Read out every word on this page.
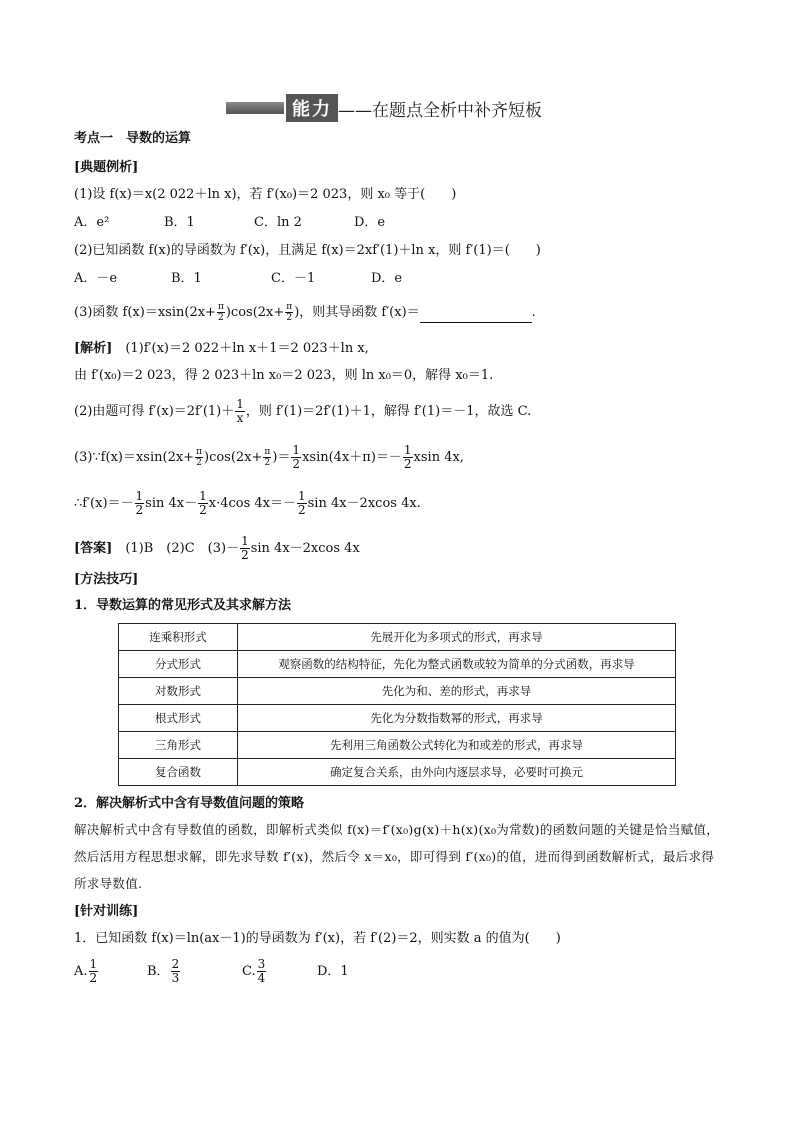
能力 ——在题点全析中补齐短板
考点一　导数的运算
[典题例析]
(1)设 f(x)＝x(2 022＋ln x)，若 f′(x₀)＝2 023，则 x₀ 等于(　　)
A．e²	B．1	C．ln 2	D．e
(2)已知函数 f(x)的导函数为 f′(x)，且满足 f(x)＝2xf′(1)＋ln x，则 f′(1)＝(　　)
A．－e	B．1	C．－1	D．e
(3)函数 $f(x)=xsin(2x+ \frac{\pi}{2} )\cos(2x+ \frac{\pi}{2}$ )，则其导函数 f′(x)＝	.
[解析]　 (1)f′(x)＝2 022＋ln x＋1＝2 023＋ln x,
由 f′(x₀)＝2 023，得 2 023＋ln x₀＝2 023，则 ln x₀＝0，解得 x₀＝1.
(2)由题可得 $f'(x)=2f'(1)+ \frac{1}{x}$ ，则 f′(1)＝2f′(1)＋1，解得 f′(1)＝－1，故选 C.
(3)∵f(x)＝xsin(2x+ $\frac{\pi}{2} )\cos(2x+ \frac{\pi}{2}$ )＝ $\frac{1}{2} xsin(4x+\pi)=- \frac{1}{2}$ xsin 4x,
∴f′(x)＝－ $\frac{1}{2}$ $\sin 4x- \frac{1}{2} x\cdot 4\cos$ $4x=- \frac{1}{2}$ sin 4x－2xcos 4x.
[答案]　 (1)B　(2)C　$(3)- \frac{1}{2}$ sin 4x－2xcos 4x
[方法技巧]
1．导数运算的常见形式及其求解方法
连乘积形式	先展开化为多项式的形式，再求导
分式形式	观察函数的结构特征，先化为整式函数或较为简单的分式函数，再求导
对数形式	先化为和、差的形式，再求导
根式形式	先化为分数指数幂的形式，再求导
三角形式	先利用三角函数公式转化为和或差的形式，再求导
复合函数	确定复合关系，由外向内逐层求导，必要时可换元
2．解决解析式中含有导数值问题的策略
解决解析式中含有导数值的函数，即解析式类似 f(x)＝f′(x₀)g(x)＋h(x)(x₀为常数)的函数问题的关键是恰当赋值，然后活用方程思想求解，即先求导数 f′(x)，然后令 x＝x₀，即可得到 f′(x₀)的值，进而得到函数解析式，最后求得所求导数值.
[针对训练]
1．已知函数 f(x)＝ln(ax－1)的导函数为 f′(x)，若 f′(2)＝2，则实数 a 的值为(　　)
A. $\frac{1}{2}$	B． $\frac{2}{3}$	C. $\frac{3}{4}$	D．1
